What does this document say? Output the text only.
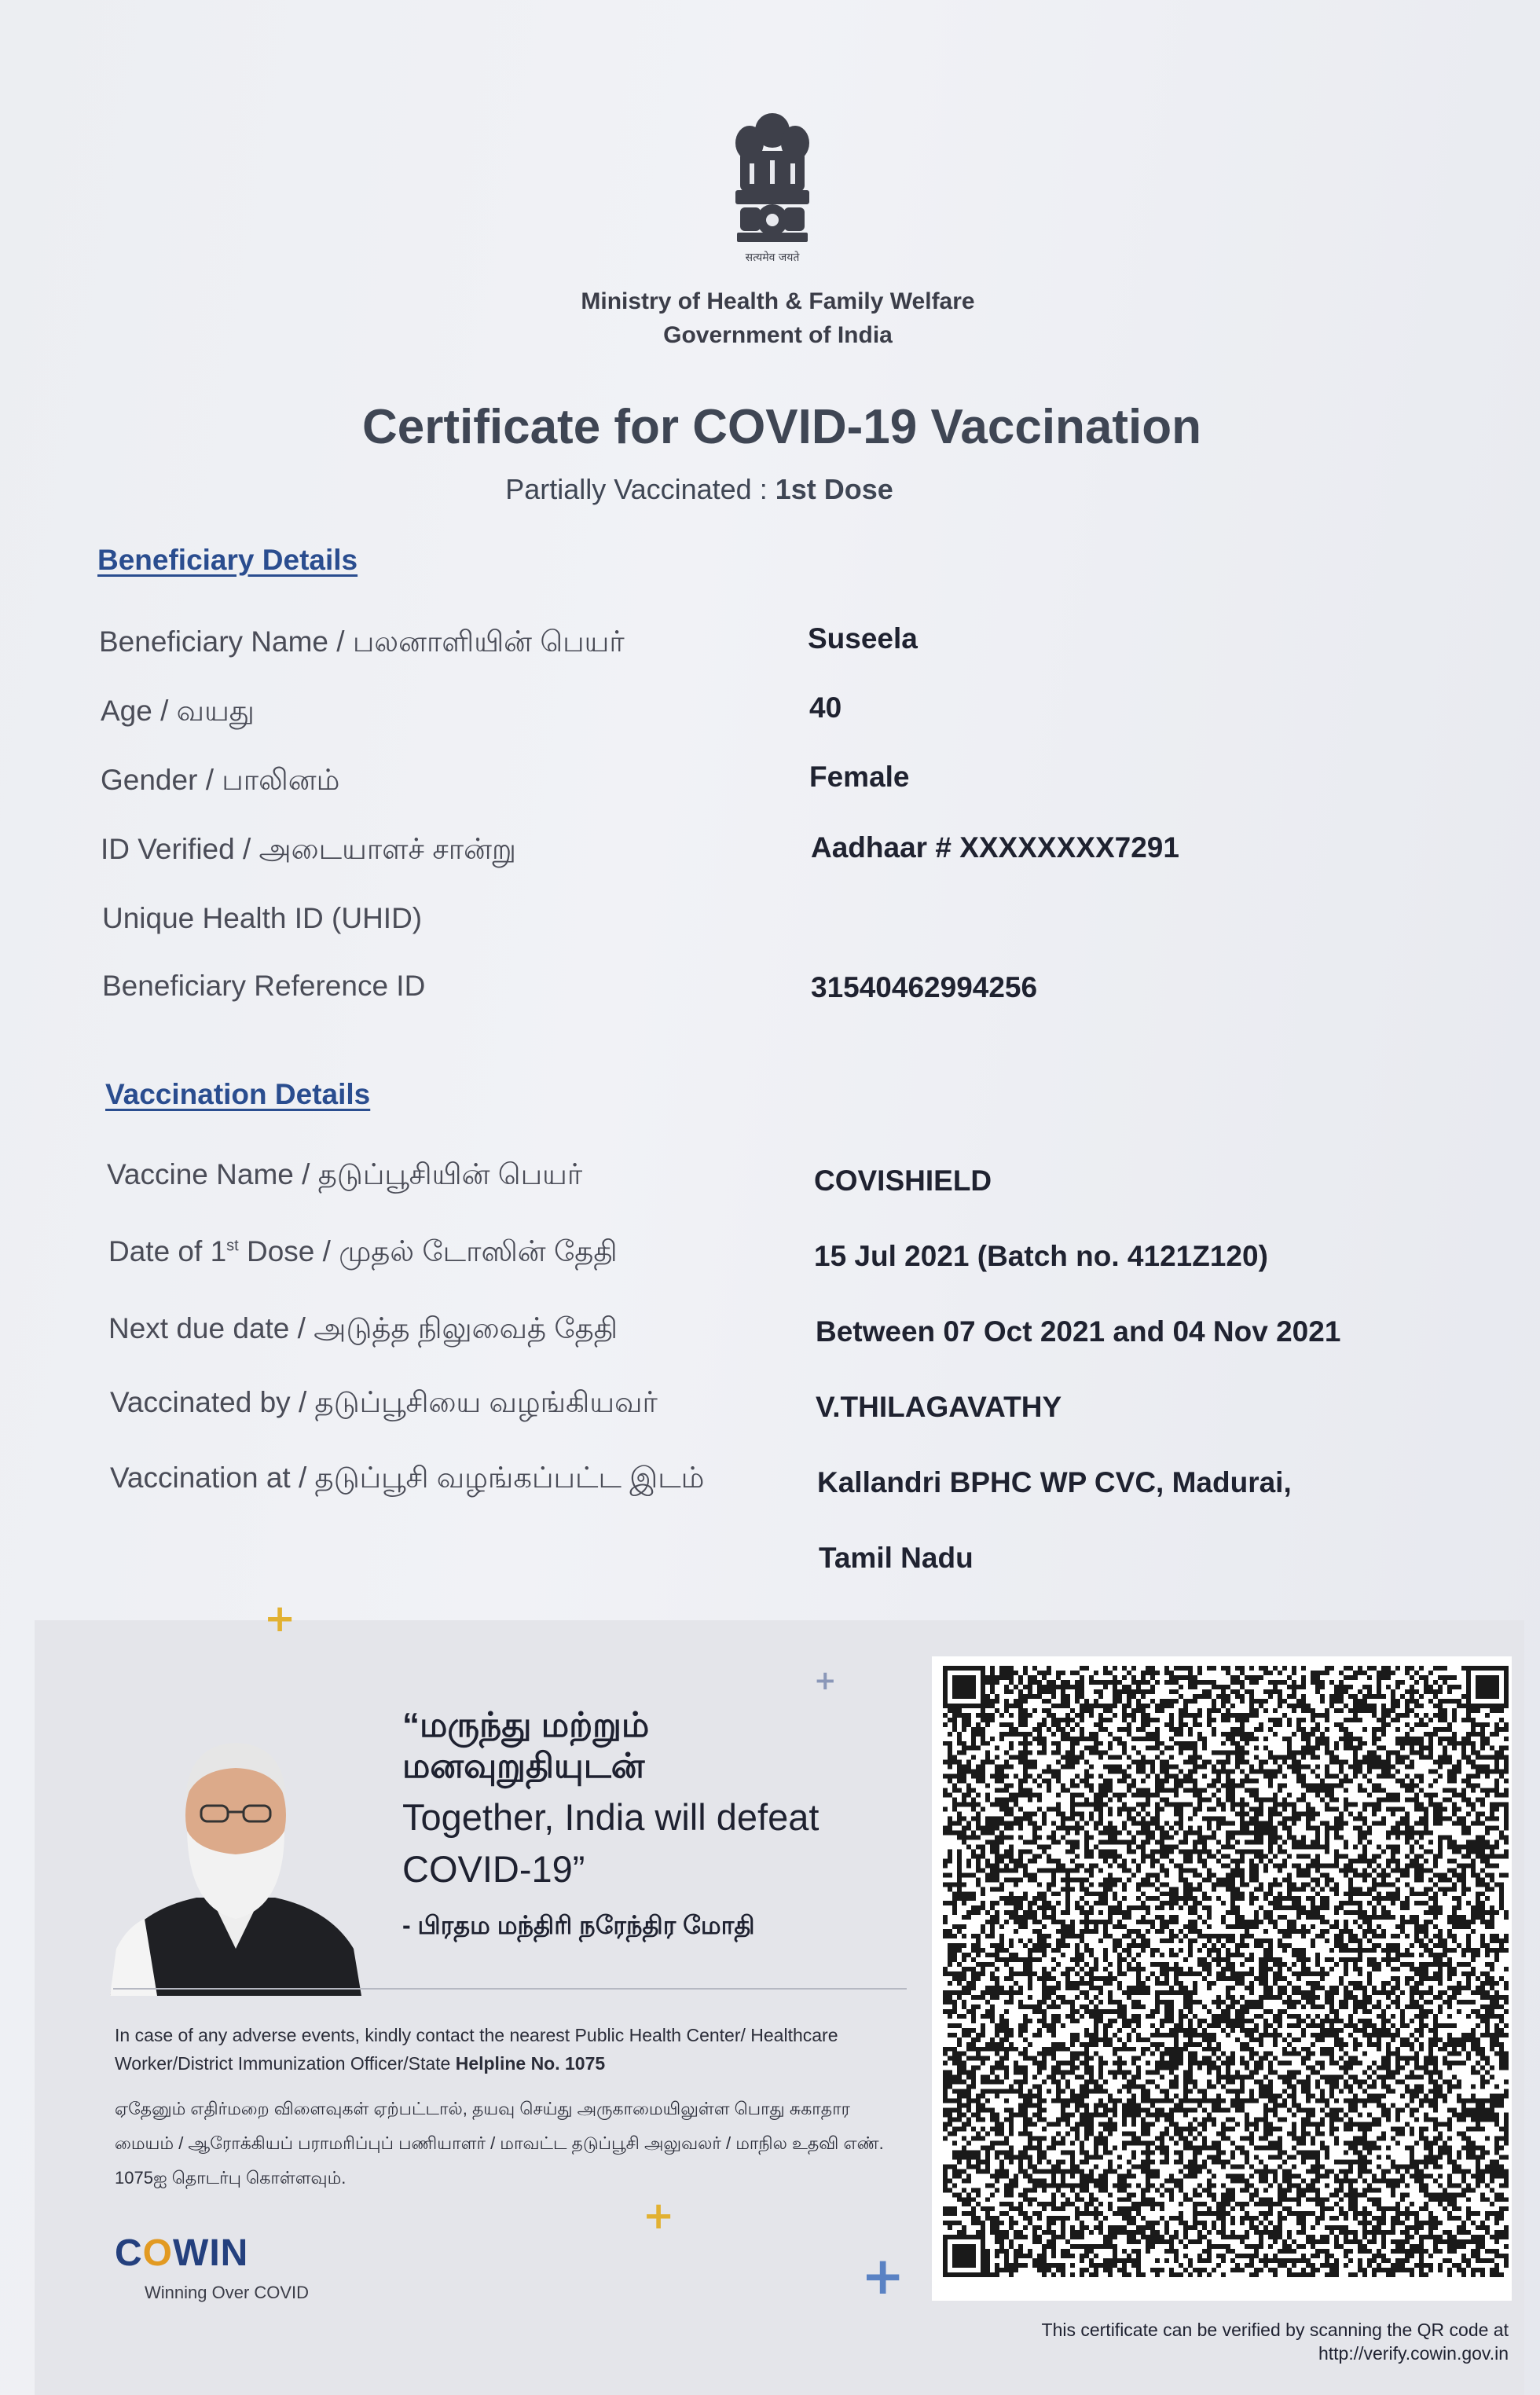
सत्यमेव जयते
Ministry of Health & Family Welfare
Government of India
Certificate for COVID-19 Vaccination
Partially Vaccinated : 1st Dose
Beneficiary Details
Beneficiary Name / பலனாளியின் பெயர்	Suseela
Age / வயது	40
Gender / பாலினம்	Female
ID Verified / அடையாளச் சான்று	Aadhaar # XXXXXXXX7291
Unique Health ID (UHID)
Beneficiary Reference ID	31540462994256
Vaccination Details
Vaccine Name / தடுப்பூசியின் பெயர்	COVISHIELD
Date of 1st Dose / முதல் டோஸின் தேதி	15 Jul 2021 (Batch no. 4121Z120)
Next due date / அடுத்த நிலுவைத் தேதி	Between 07 Oct 2021 and 04 Nov 2021
Vaccinated by / தடுப்பூசியை வழங்கியவர்	V.THILAGAVATHY
Vaccination at / தடுப்பூசி வழங்கப்பட்ட இடம்	Kallandri BPHC WP CVC, Madurai,
Tamil Nadu
+
+
+
+
“மருந்து மற்றும் மனவுறுதியுடன்
Together, India will defeat COVID-19”
- பிரதம மந்திரி நரேந்திர மோதி
In case of any adverse events, kindly contact the nearest Public Health Center/ Healthcare Worker/District Immunization Officer/State Helpline No. 1075
ஏதேனும் எதிர்மறை விளைவுகள் ஏற்பட்டால், தயவு செய்து அருகாமையிலுள்ள பொது சுகாதார மையம் / ஆரோக்கியப் பராமரிப்புப் பணியாளர் / மாவட்ட தடுப்பூசி அலுவலர் / மாநில உதவி எண். 1075ஐ தொடர்பு கொள்ளவும்.
COWIN
Winning Over COVID
This certificate can be verified by scanning the QR code at
http://verify.cowin.gov.in
